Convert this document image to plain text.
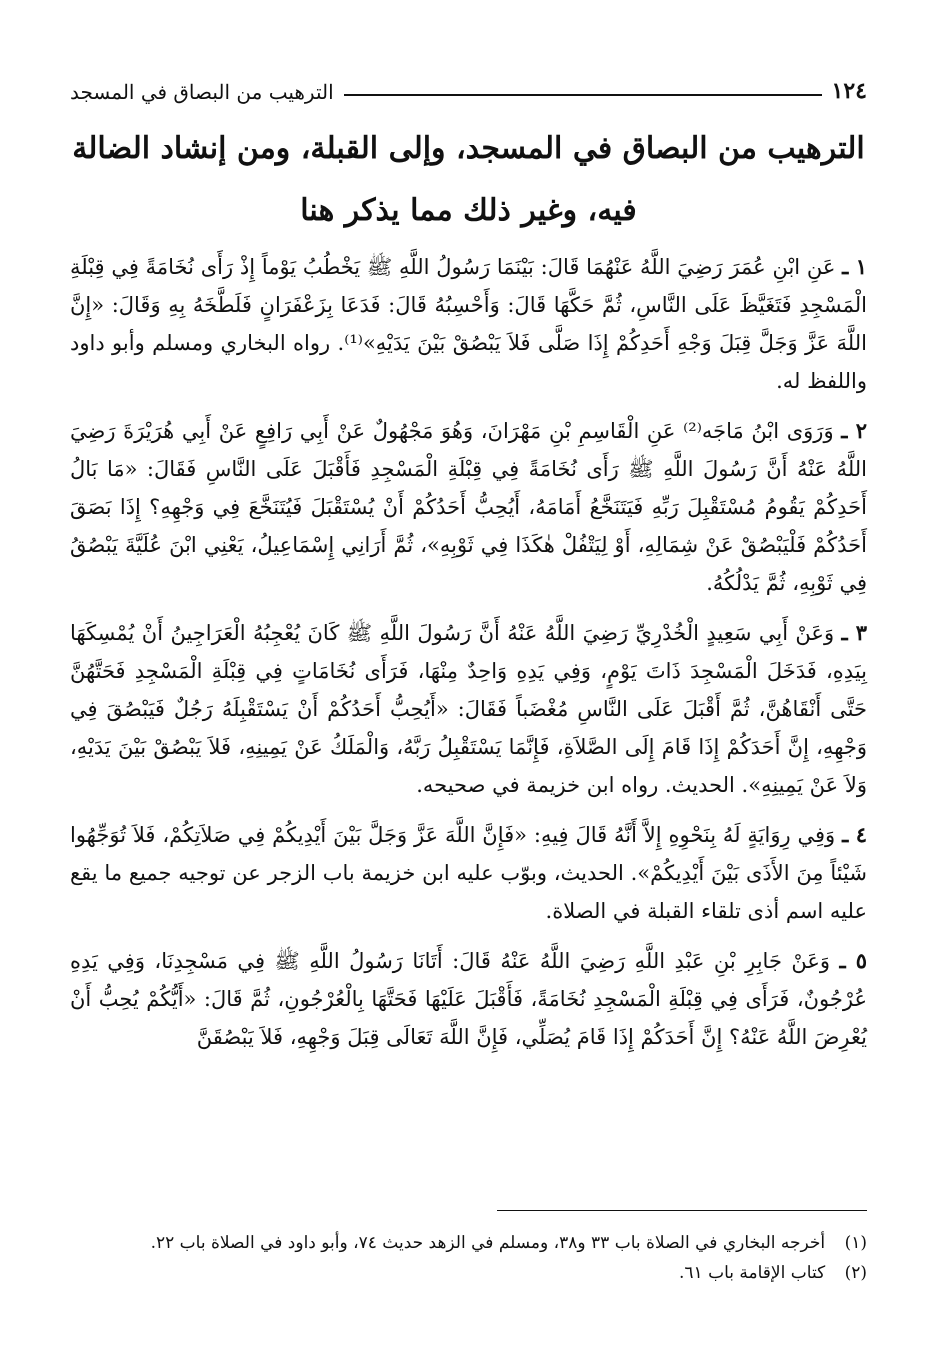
١٢٤
الترهيب من البصاق في المسجد
الترهيب من البصاق في المسجد، وإلى القبلة، ومن إنشاد الضالة
فيه، وغير ذلك مما يذكر هنا

١ ـ عَنِ ابْنِ عُمَرَ رَضِيَ اللَّهُ عَنْهُمَا قَالَ: بَيْنَمَا رَسُولُ اللَّهِ ﷺ يَخْطُبُ يَوْماً إِذْ رَأَى نُخَامَةً فِي قِبْلَةِ الْمَسْجِدِ فَتَغَيَّظَ عَلَى النَّاسِ، ثُمَّ حَكَّهَا قَالَ: وَأَحْسِبُهُ قَالَ: فَدَعَا بِزَعْفَرَانٍ فَلَطَّخَهُ بِهِ وَقَالَ: «إِنَّ اللَّهَ عَزَّ وَجَلَّ قِبَلَ وَجْهِ أَحَدِكُمْ إِذَا صَلَّى فَلاَ يَبْصُقْ بَيْنَ يَدَيْهِ»⁽¹⁾. رواه البخاري ومسلم وأبو داود واللفظ له.

٢ ـ وَرَوَى ابْنُ مَاجَه⁽²⁾ عَنِ الْقَاسِمِ بْنِ مَهْرَانَ، وَهُوَ مَجْهُولٌ عَنْ أَبِي رَافِعٍ عَنْ أَبِي هُرَيْرَةَ رَضِيَ اللَّهُ عَنْهُ أَنَّ رَسُولَ اللَّهِ ﷺ رَأَى نُخَامَةً فِي قِبْلَةِ الْمَسْجِدِ فَأَقْبَلَ عَلَى النَّاسِ فَقَالَ: «مَا بَالُ أَحَدِكُمْ يَقُومُ مُسْتَقْبِلَ رَبِّهِ فَيَتَنَخَّعُ أَمَامَهُ، أَيُحِبُّ أَحَدُكُمْ أَنْ يُسْتَقْبَلَ فَيُتَنَخَّعَ فِي وَجْهِهِ؟ إِذَا بَصَقَ أَحَدُكُمْ فَلْيَبْصُقْ عَنْ شِمَالِهِ، أَوْ لِيَتْفُلْ هٰكَذَا فِي ثَوْبِهِ»، ثُمَّ أَرَانِي إِسْمَاعِيلُ، يَعْنِي ابْنَ عُلَيَّةَ يَبْصُقُ فِي ثَوْبِهِ، ثُمَّ يَدْلُكُهُ.

٣ ـ وَعَنْ أَبِي سَعِيدٍ الْخُدْرِيِّ رَضِيَ اللَّهُ عَنْهُ أَنَّ رَسُولَ اللَّهِ ﷺ كَانَ يُعْجِبُهُ الْعَرَاجِينُ أَنْ يُمْسِكَهَا بِيَدِهِ، فَدَخَلَ الْمَسْجِدَ ذَاتَ يَوْمٍ، وَفِي يَدِهِ وَاحِدٌ مِنْهَا، فَرَأَى نُخَامَاتٍ فِي قِبْلَةِ الْمَسْجِدِ فَحَتَّهُنَّ حَتَّى أَنْقَاهُنَّ، ثُمَّ أَقْبَلَ عَلَى النَّاسِ مُغْضَباً فَقَالَ: «أَيُحِبُّ أَحَدُكُمْ أَنْ يَسْتَقْبِلَهُ رَجُلٌ فَيَبْصُقَ فِي وَجْهِهِ، إِنَّ أَحَدَكُمْ إِذَا قَامَ إِلَى الصَّلاَةِ، فَإِنَّمَا يَسْتَقْبِلُ رَبَّهُ، وَالْمَلَكُ عَنْ يَمِينِهِ، فَلاَ يَبْصُقْ بَيْنَ يَدَيْهِ، وَلاَ عَنْ يَمِينِهِ». الحديث. رواه ابن خزيمة في صحيحه.

٤ ـ وَفِي رِوَايَةٍ لَهُ بِنَحْوِهِ إِلاَّ أَنَّهُ قَالَ فِيهِ: «فَإِنَّ اللَّهَ عَزَّ وَجَلَّ بَيْنَ أَيْدِيكُمْ فِي صَلاَتِكُمْ، فَلاَ تُوَجِّهُوا شَيْئاً مِنَ الأَذَى بَيْنَ أَيْدِيكُمْ». الحديث، وبوّب عليه ابن خزيمة باب الزجر عن توجيه جميع ما يقع عليه اسم أذى تلقاء القبلة في الصلاة.

٥ ـ وَعَنْ جَابِرِ بْنِ عَبْدِ اللَّهِ رَضِيَ اللَّهُ عَنْهُ قَالَ: أَتَانَا رَسُولُ اللَّهِ ﷺ فِي مَسْجِدِنَا، وَفِي يَدِهِ عُرْجُونٌ، فَرَأَى فِي قِبْلَةِ الْمَسْجِدِ نُخَامَةً، فَأَقْبَلَ عَلَيْهَا فَحَتَّهَا بِالْعُرْجُونِ، ثُمَّ قَالَ: «أَيُّكُمْ يُحِبُّ أَنْ يُعْرِضَ اللَّهُ عَنْهُ؟ إِنَّ أَحَدَكُمْ إِذَا قَامَ يُصَلِّي، فَإِنَّ اللَّهَ تَعَالَى قِبَلَ وَجْهِهِ، فَلاَ يَبْصُقَنَّ

(١) أخرجه البخاري في الصلاة باب ٣٣ و٣٨، ومسلم في الزهد حديث ٧٤، وأبو داود في الصلاة باب ٢٢.
(٢) كتاب الإقامة باب ٦١.
